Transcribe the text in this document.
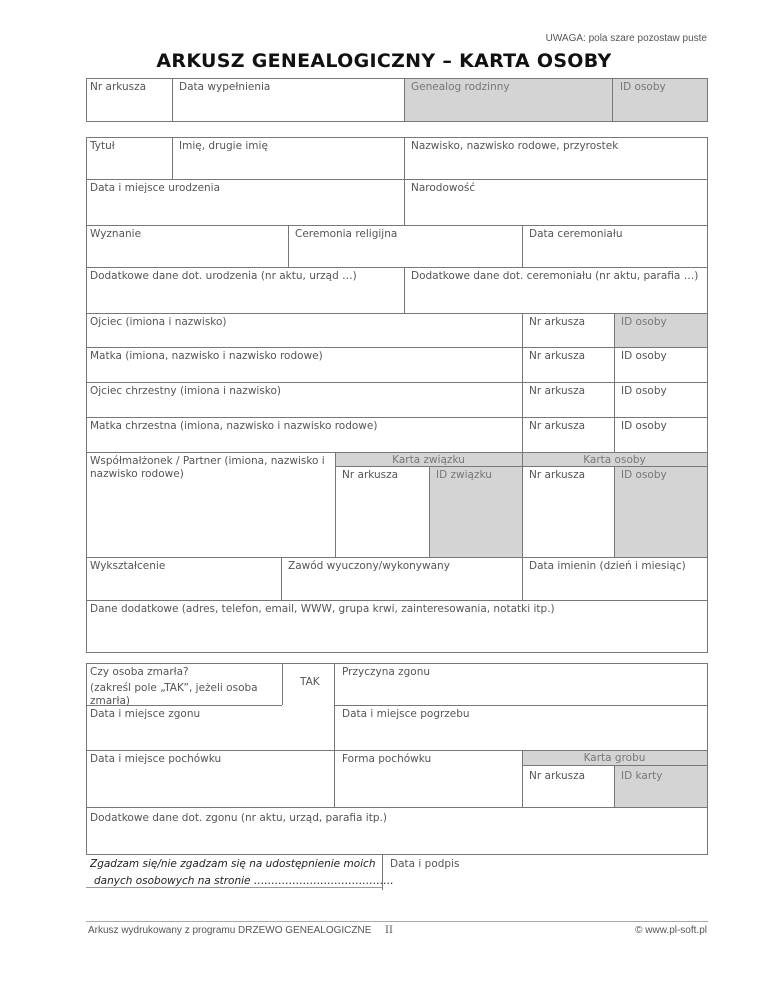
UWAGA: pola szare pozostaw puste
ARKUSZ GENEALOGICZNY – KARTA OSOBY
Nr arkusza	Data wypełnienia	Genealog rodzinny	ID osoby
Tytuł	Imię, drugie imię	Nazwisko, nazwisko rodowe, przyrostek
Data i miejsce urodzenia	Narodowość
Wyznanie	Ceremonia religijna	Data ceremoniału
Dodatkowe dane dot. urodzenia (nr aktu, urząd …)	Dodatkowe dane dot. ceremoniału (nr aktu, parafia …)
Ojciec (imiona i nazwisko)	Nr arkusza	ID osoby
Matka (imiona, nazwisko i nazwisko rodowe)	Nr arkusza	ID osoby
Ojciec chrzestny (imiona i nazwisko)	Nr arkusza	ID osoby
Matka chrzestna (imiona, nazwisko i nazwisko rodowe)	Nr arkusza	ID osoby
Współmałżonek / Partner (imiona, nazwisko i nazwisko rodowe)
Karta związku	Karta osoby
Nr arkusza	ID związku	Nr arkusza	ID osoby
Wykształcenie	Zawód wyuczony/wykonywany	Data imienin (dzień i miesiąc)
Dane dodatkowe (adres, telefon, email, WWW, grupa krwi, zainteresowania, notatki itp.)
Czy osoba zmarła?
(zakreśl pole „TAK”, jeżeli osoba zmarła)
TAK
Przyczyna zgonu
Data i miejsce zgonu	Data i miejsce pogrzebu
Data i miejsce pochówku	Forma pochówku	Karta grobu
Nr arkusza	ID karty
Dodatkowe dane dot. zgonu (nr aktu, urząd, parafia itp.)
Zgadzam się/nie zgadzam się na udostępnienie moich
danych osobowych na stronie ………………………………….
Data i podpis
Arkusz wydrukowany z programu DRZEWO GENEALOGICZNE II	© www.pl-soft.pl
